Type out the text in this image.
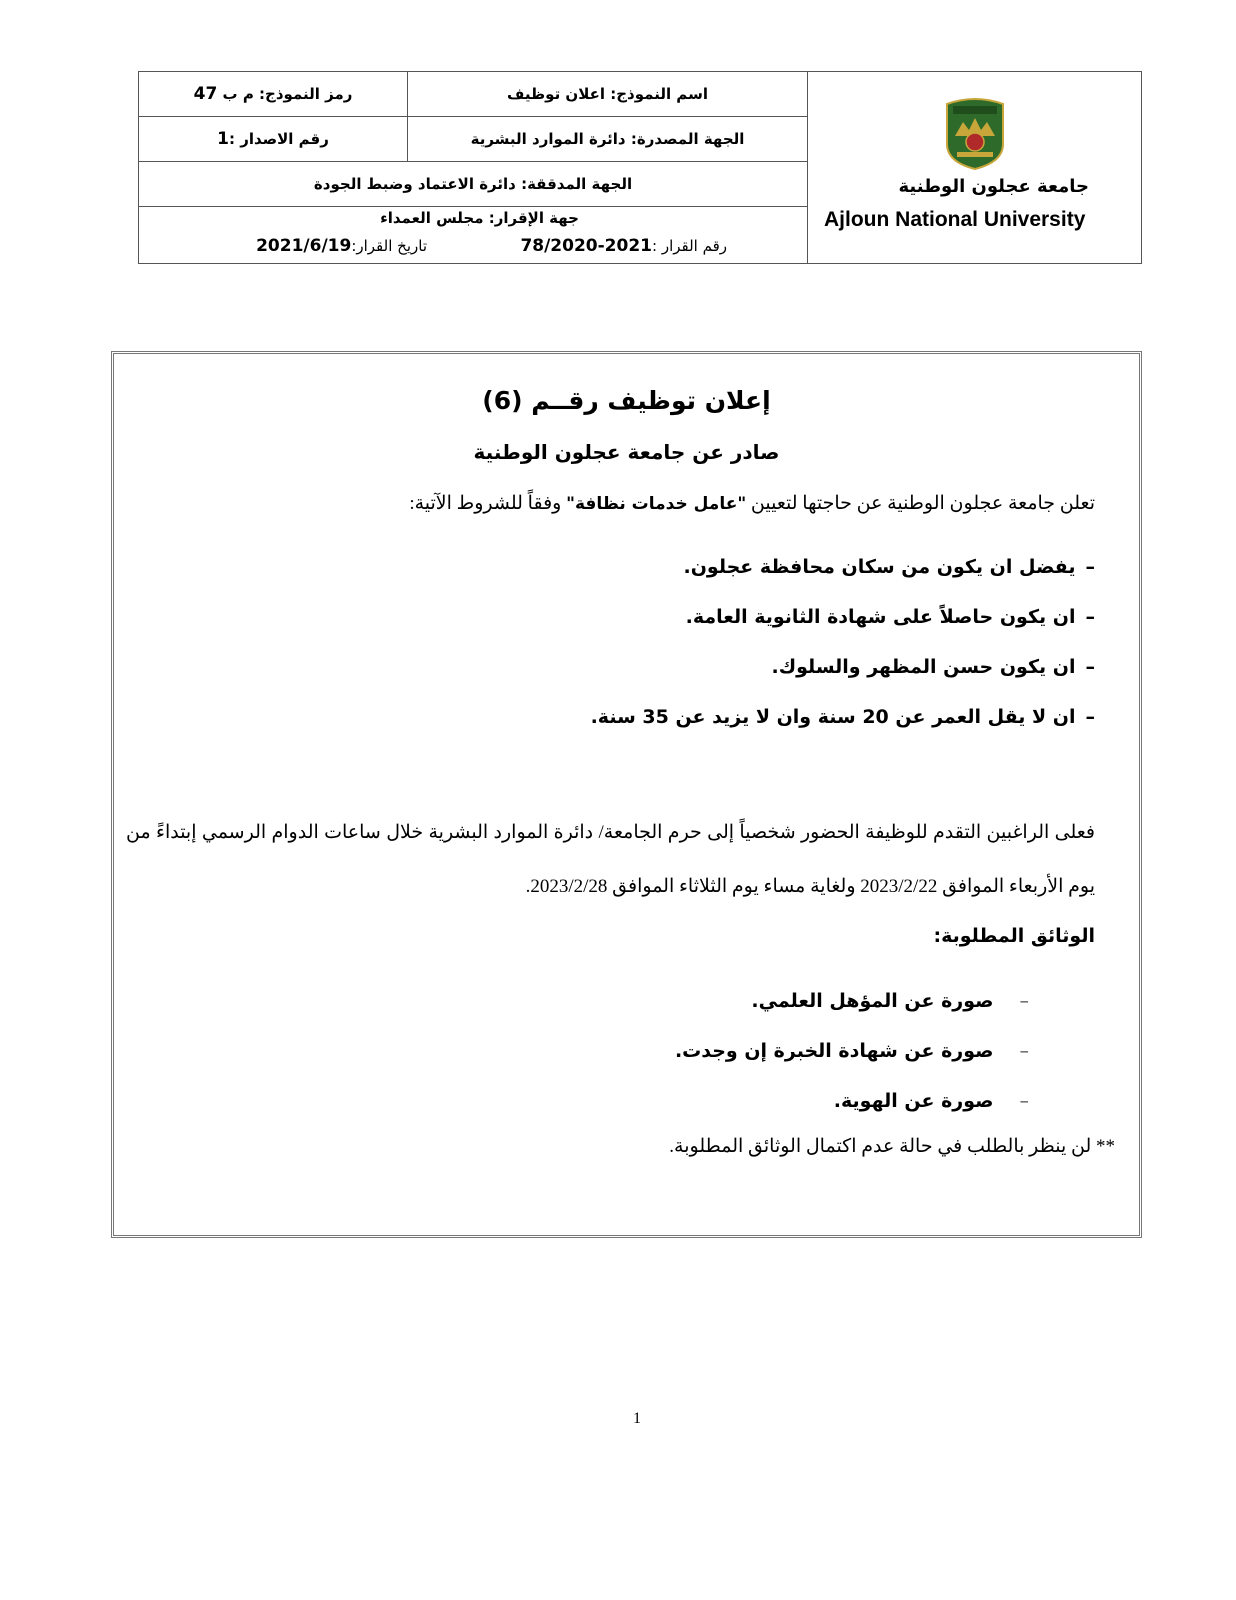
جامعة عجلون الوطنية
Ajloun National University
اسم النموذج: اعلان توظيف
رمز النموذج: م ب

47
الجهة المصدرة: دائرة الموارد البشرية
رقم الاصدار :
1
الجهة المدققة: دائرة الاعتماد وضبط الجودة
جهة الإقرار: مجلس العمداء
رقم القرار :78/2020-2021
تاريخ القرار:2021/6/19
إعلان توظيف رقــم (6)
صادر عن جامعة عجلون الوطنية
تعلن جامعة عجلون الوطنية عن حاجتها لتعيين "عامل خدمات نظافة" وفقاً للشروط الآتية:
–يفضل ان يكون من سكان محافظة عجلون.
–ان يكون حاصلاً على شهادة الثانوية العامة.
–ان يكون حسن المظهر والسلوك.
–ان لا يقل العمر عن 20 سنة وان لا يزيد عن 35 سنة.
فعلى الراغبين التقدم للوظيفة الحضور شخصياً إلى حرم الجامعة/ دائرة الموارد البشرية خلال ساعات الدوام الرسمي إبتداءً من يوم الأربعاء الموافق 2023/2/22 ولغاية مساء يوم الثلاثاء الموافق 2023/2/28.
الوثائق المطلوبة:
–صورة عن المؤهل العلمي.
–صورة عن شهادة الخبرة إن وجدت.
–صورة عن الهوية.
** لن ينظر بالطلب في حالة عدم اكتمال الوثائق المطلوبة.
1
